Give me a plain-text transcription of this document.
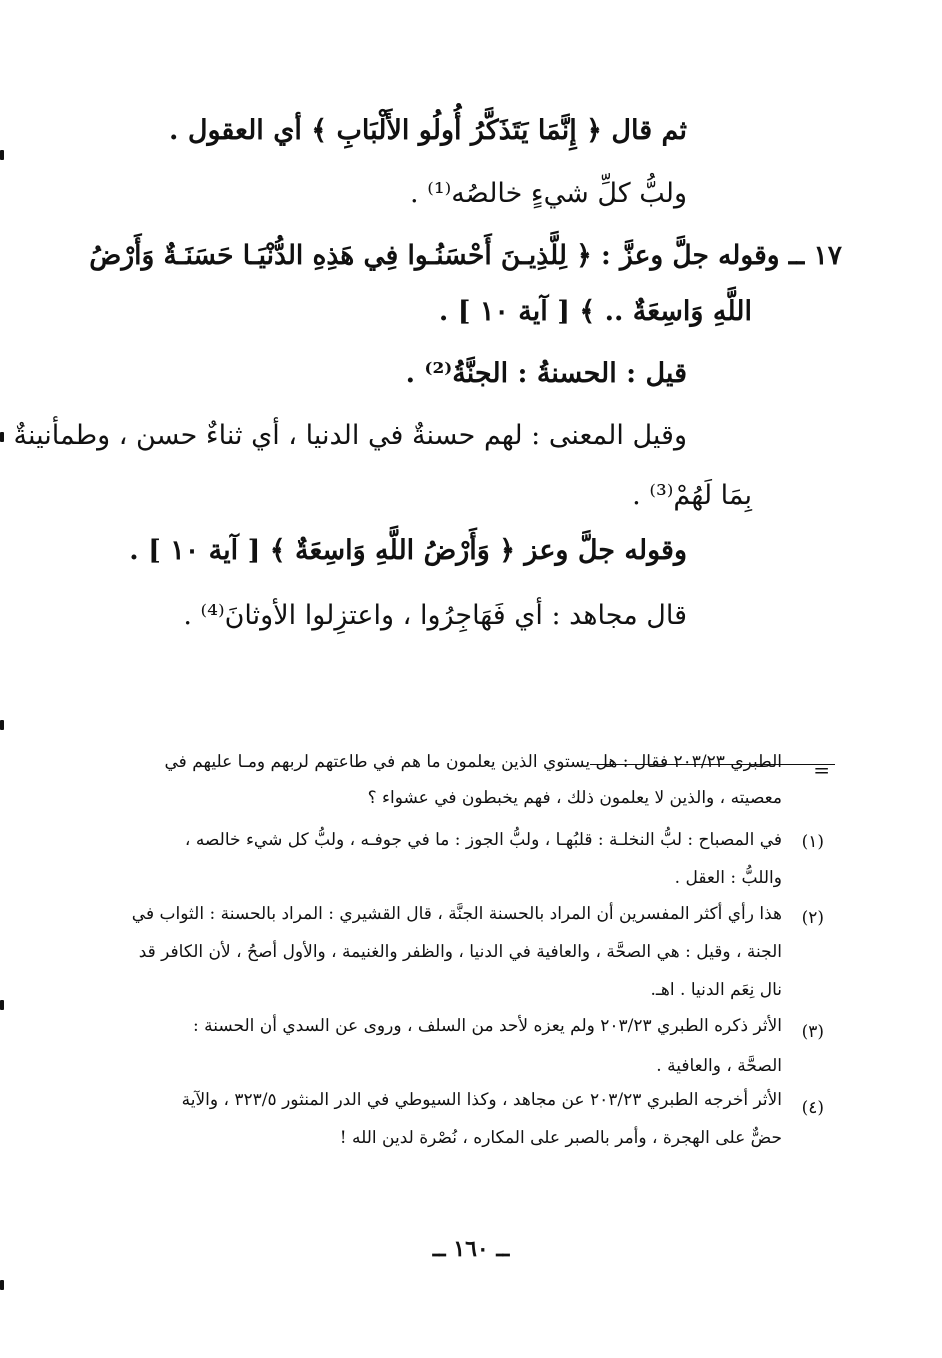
ثم قال ﴿ إِنَّمَا يَتَذَكَّرُ أُولُو الأَلْبَابِ ﴾ أي العقول .
ولبُّ كلِّ شيءٍ خالصُه⁽¹⁾ .
١٧ ــ وقوله جلَّ وعزَّ : ﴿ لِلَّذِيـنَ أَحْسَنُـوا فِي هَذِهِ الدُّنْيَـا حَسَنَـةٌ وَأَرْضُ
اللَّهِ وَاسِعَةٌ .. ﴾ [ آية ١٠ ] .
قيل : الحسنةُ : الجنَّةُ⁽²⁾ .
وقيل المعنى : لهم حسنةٌ في الدنيا ، أي ثناءٌ حسن ، وطمأنينةٌ
بِمَا لَهُمْ⁽³⁾ .
وقوله جلَّ وعز ﴿ وَأَرْضُ اللَّهِ وَاسِعَةٌ ﴾ [ آية ١٠ ] .
قال مجاهد : أي فَهَاجِرُوا ، واعتزِلوا الأوثانَ⁽⁴⁾ .
=
الطبري ٢٠٣/٢٣ فقال : هل يستوي الذين يعلمون ما هم في طاعتهم لربهم ومـا عليهم في
معصيته ، والذين لا يعلمون ذلك ، فهم يخبطون في عشواء ؟
(١)
في المصباح : لبُّ النخلـة : قلبُهـا ، ولبُّ الجوز : ما في جوفـه ، ولبُّ كل شيء خالصه ،
واللبُّ : العقل .
(٢)
هذا رأي أكثر المفسرين أن المراد بالحسنة الجنَّة ، قال القشيري : المراد بالحسنة : الثواب في
الجنة ، وقيل : هي الصحَّة ، والعافية في الدنيا ، والظفر والغنيمة ، والأول أصحُ ، لأن الكافر قد
نال نِعَم الدنيا . اهـ.
(٣)
الأثر ذكره الطبري ٢٠٣/٢٣ ولم يعزه لأحد من السلف ، وروى عن السدي أن الحسنة :
الصحَّة ، والعافية .
(٤)
الأثر أخرجه الطبري ٢٠٣/٢٣ عن مجاهد ، وكذا السيوطي في الدر المنثور ٣٢٣/٥ ، والآية
حضٌّ على الهجرة ، وأمر بالصبر على المكاره ، نُصْرة لدين الله !
ــ ١٦٠ ــ
